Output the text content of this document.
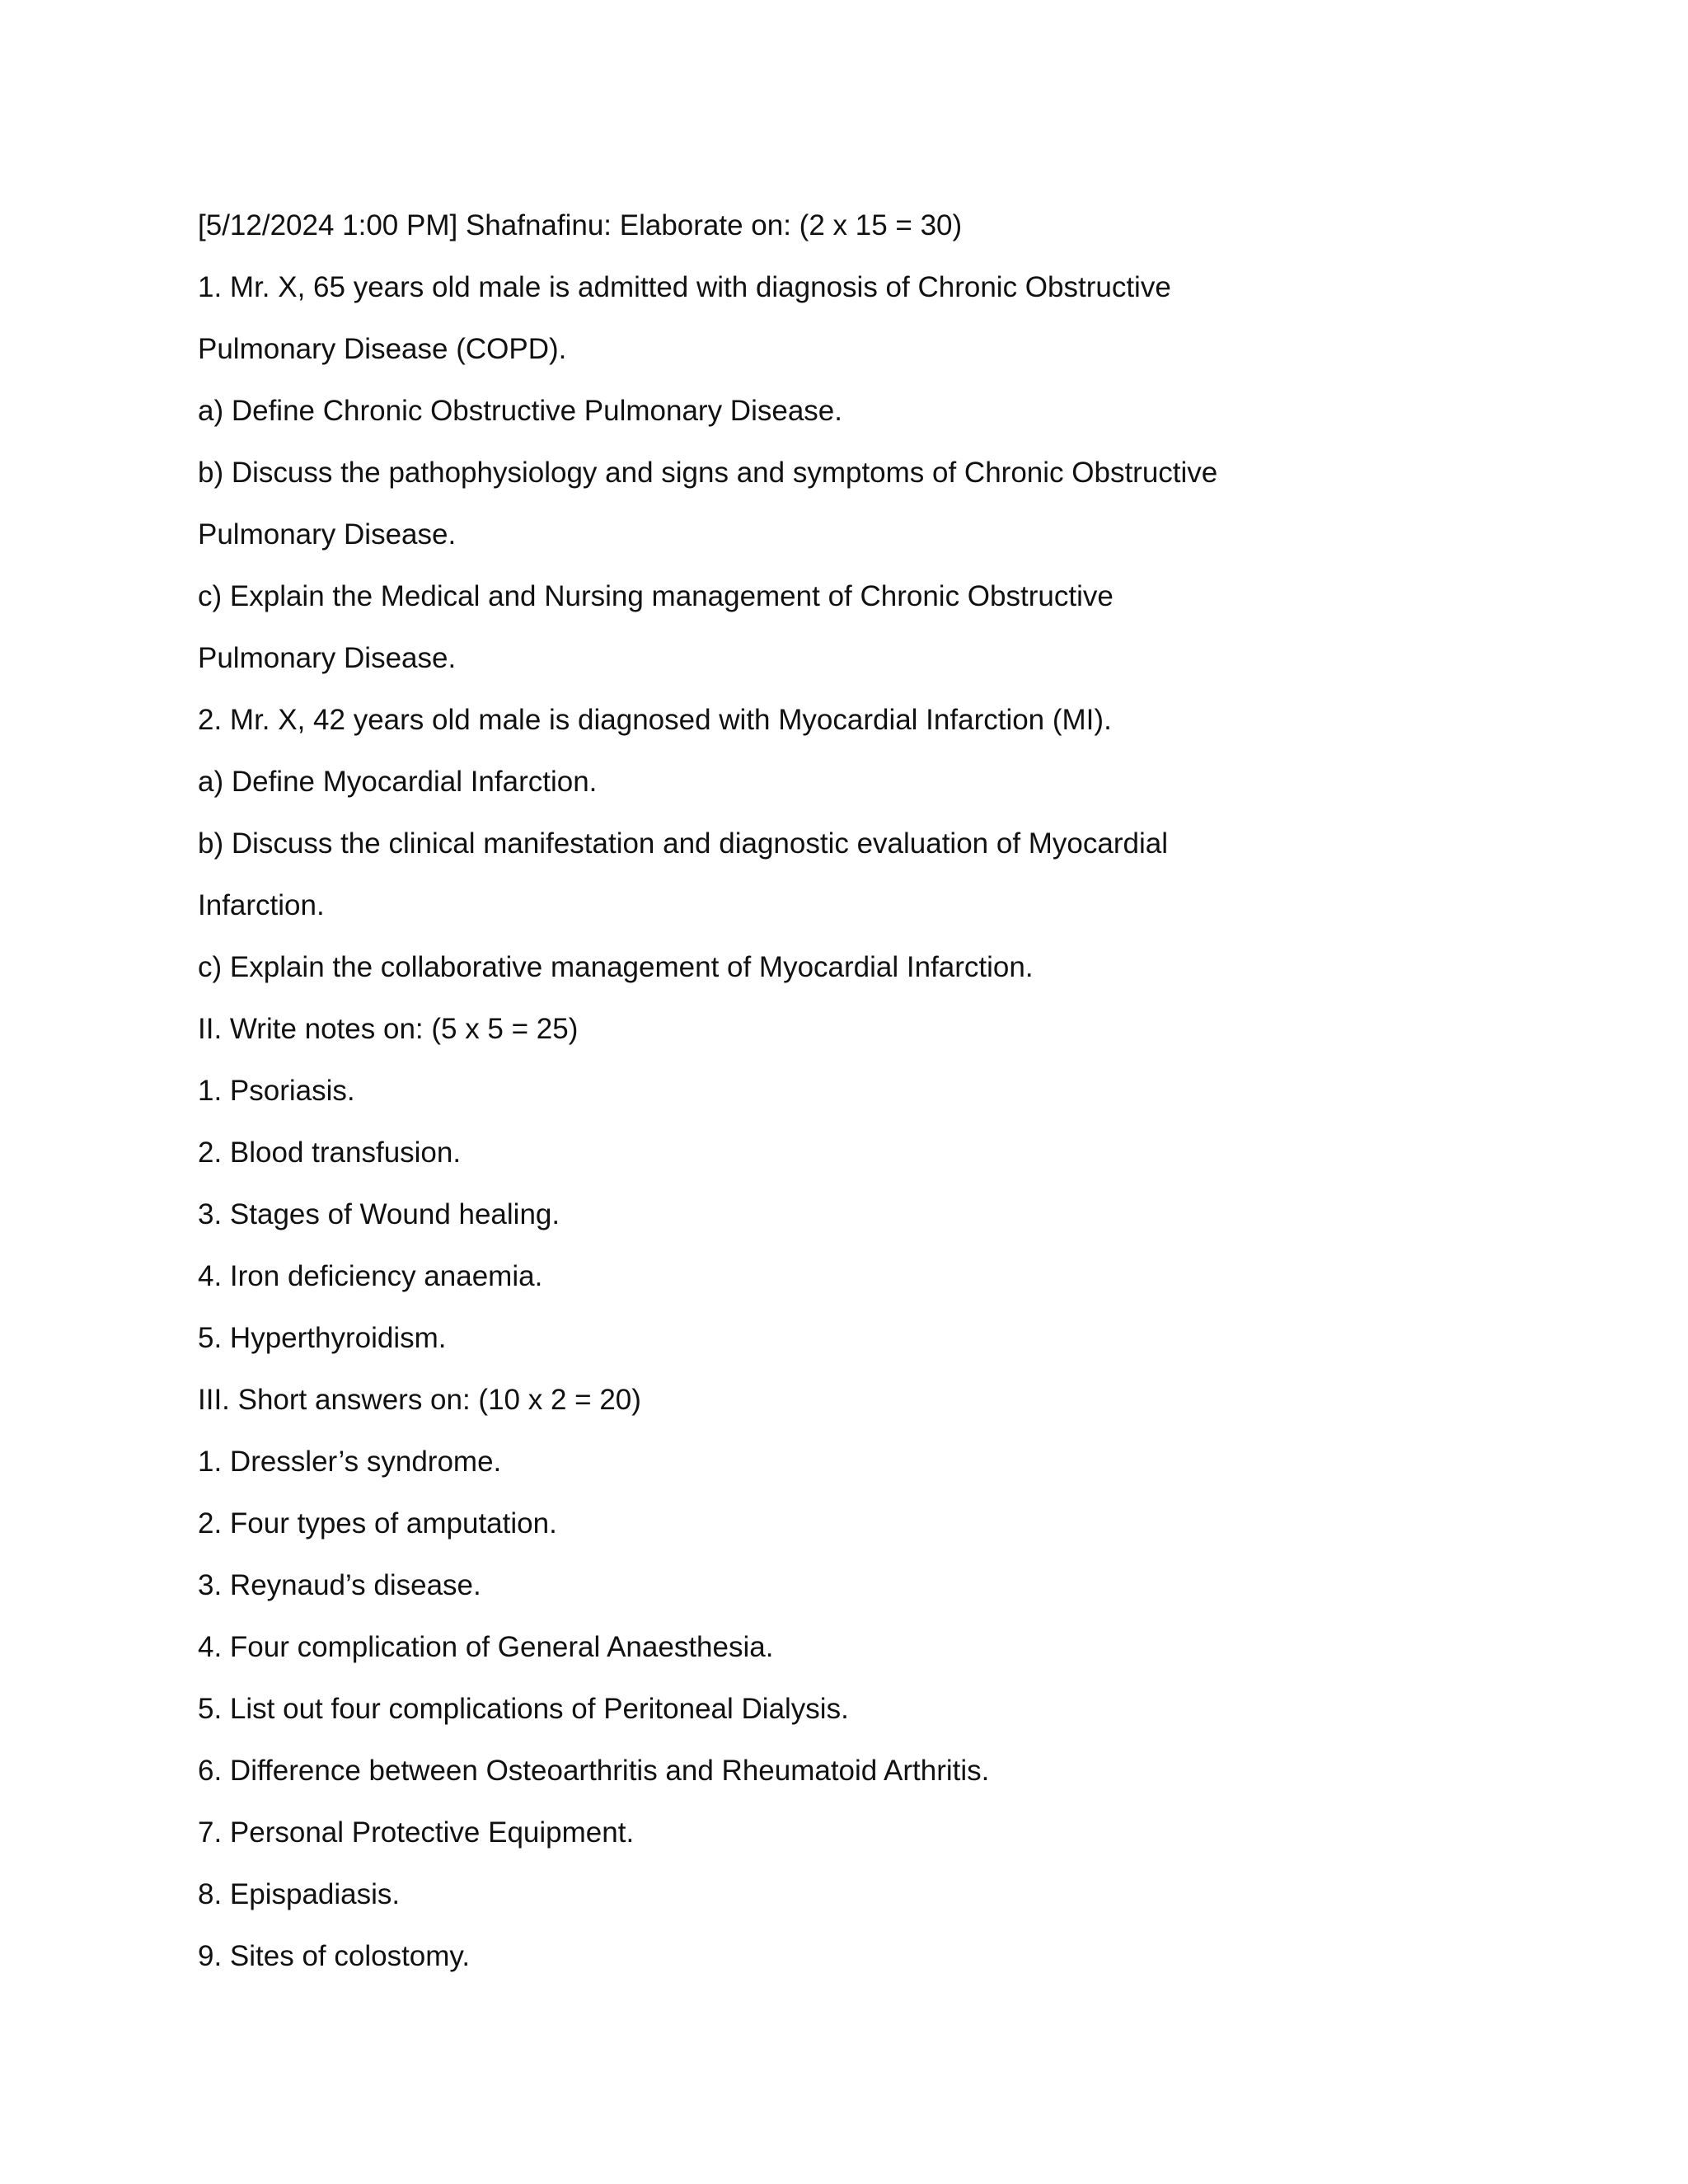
[5/12/2024 1:00 PM] Shafnafinu: Elaborate on: (2 x 15 = 30)

1. Mr. X, 65 years old male is admitted with diagnosis of Chronic Obstructive

Pulmonary Disease (COPD).

a) Define Chronic Obstructive Pulmonary Disease.

b) Discuss the pathophysiology and signs and symptoms of Chronic Obstructive

Pulmonary Disease.

c) Explain the Medical and Nursing management of Chronic Obstructive

Pulmonary Disease.

2. Mr. X, 42 years old male is diagnosed with Myocardial Infarction (MI).

a) Define Myocardial Infarction.

b) Discuss the clinical manifestation and diagnostic evaluation of Myocardial

Infarction.

c) Explain the collaborative management of Myocardial Infarction.

II. Write notes on: (5 x 5 = 25)

1. Psoriasis.

2. Blood transfusion.

3. Stages of Wound healing.

4. Iron deficiency anaemia.

5. Hyperthyroidism.

III. Short answers on: (10 x 2 = 20)

1. Dressler’s syndrome.

2. Four types of amputation.

3. Reynaud’s disease.

4. Four complication of General Anaesthesia.

5. List out four complications of Peritoneal Dialysis.

6. Difference between Osteoarthritis and Rheumatoid Arthritis.

7. Personal Protective Equipment.

8. Epispadiasis.

9. Sites of colostomy.
